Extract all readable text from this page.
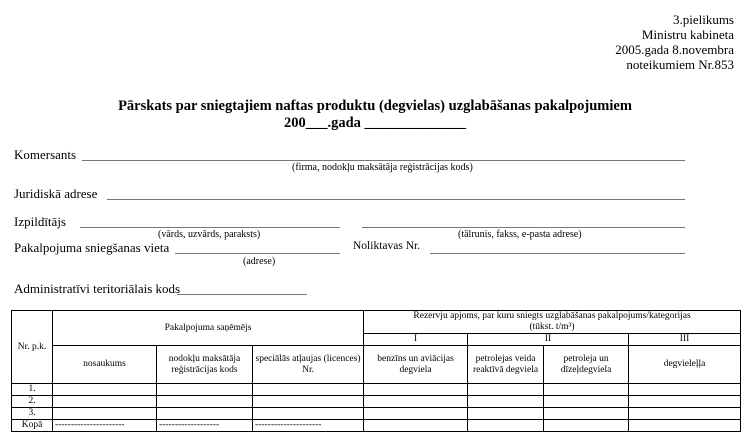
3.pielikums
Ministru kabineta
2005.gada 8.novembra
noteikumiem Nr.853
Pārskats par sniegtajiem naftas produktu (degvielas) uzglabāšanas pakalpojumiem
200___.gada ______________
Komersants
(firma, nodokļu maksātāja reģistrācijas kods)
Juridiskā adrese
Izpildītājs
(vārds, uzvārds, paraksts)	(tālrunis, fakss, e-pasta adrese)
Pakalpojuma sniegšanas vieta
(adrese)
Noliktavas Nr.
Administratīvi teritoriālais kods
Nr. p.k.	Pakalpojuma saņēmējs			Rezervju apjoms, par kuru sniegts uzglabāšanas pakalpojums/kategorijas
(tūkst. t/m³)			

				I	II		III
	nosaukums	nodokļu maksātāja reģistrācijas kods	speciālās atļaujas (licences) Nr.	benzīns un aviācijas degviela	petrolejas veida reaktīvā degviela	petroleja un dīzeļdegviela	degvieleļļa
1.							
2.							
3.							
Kopā	----------------------	-------------------	---------------------				
